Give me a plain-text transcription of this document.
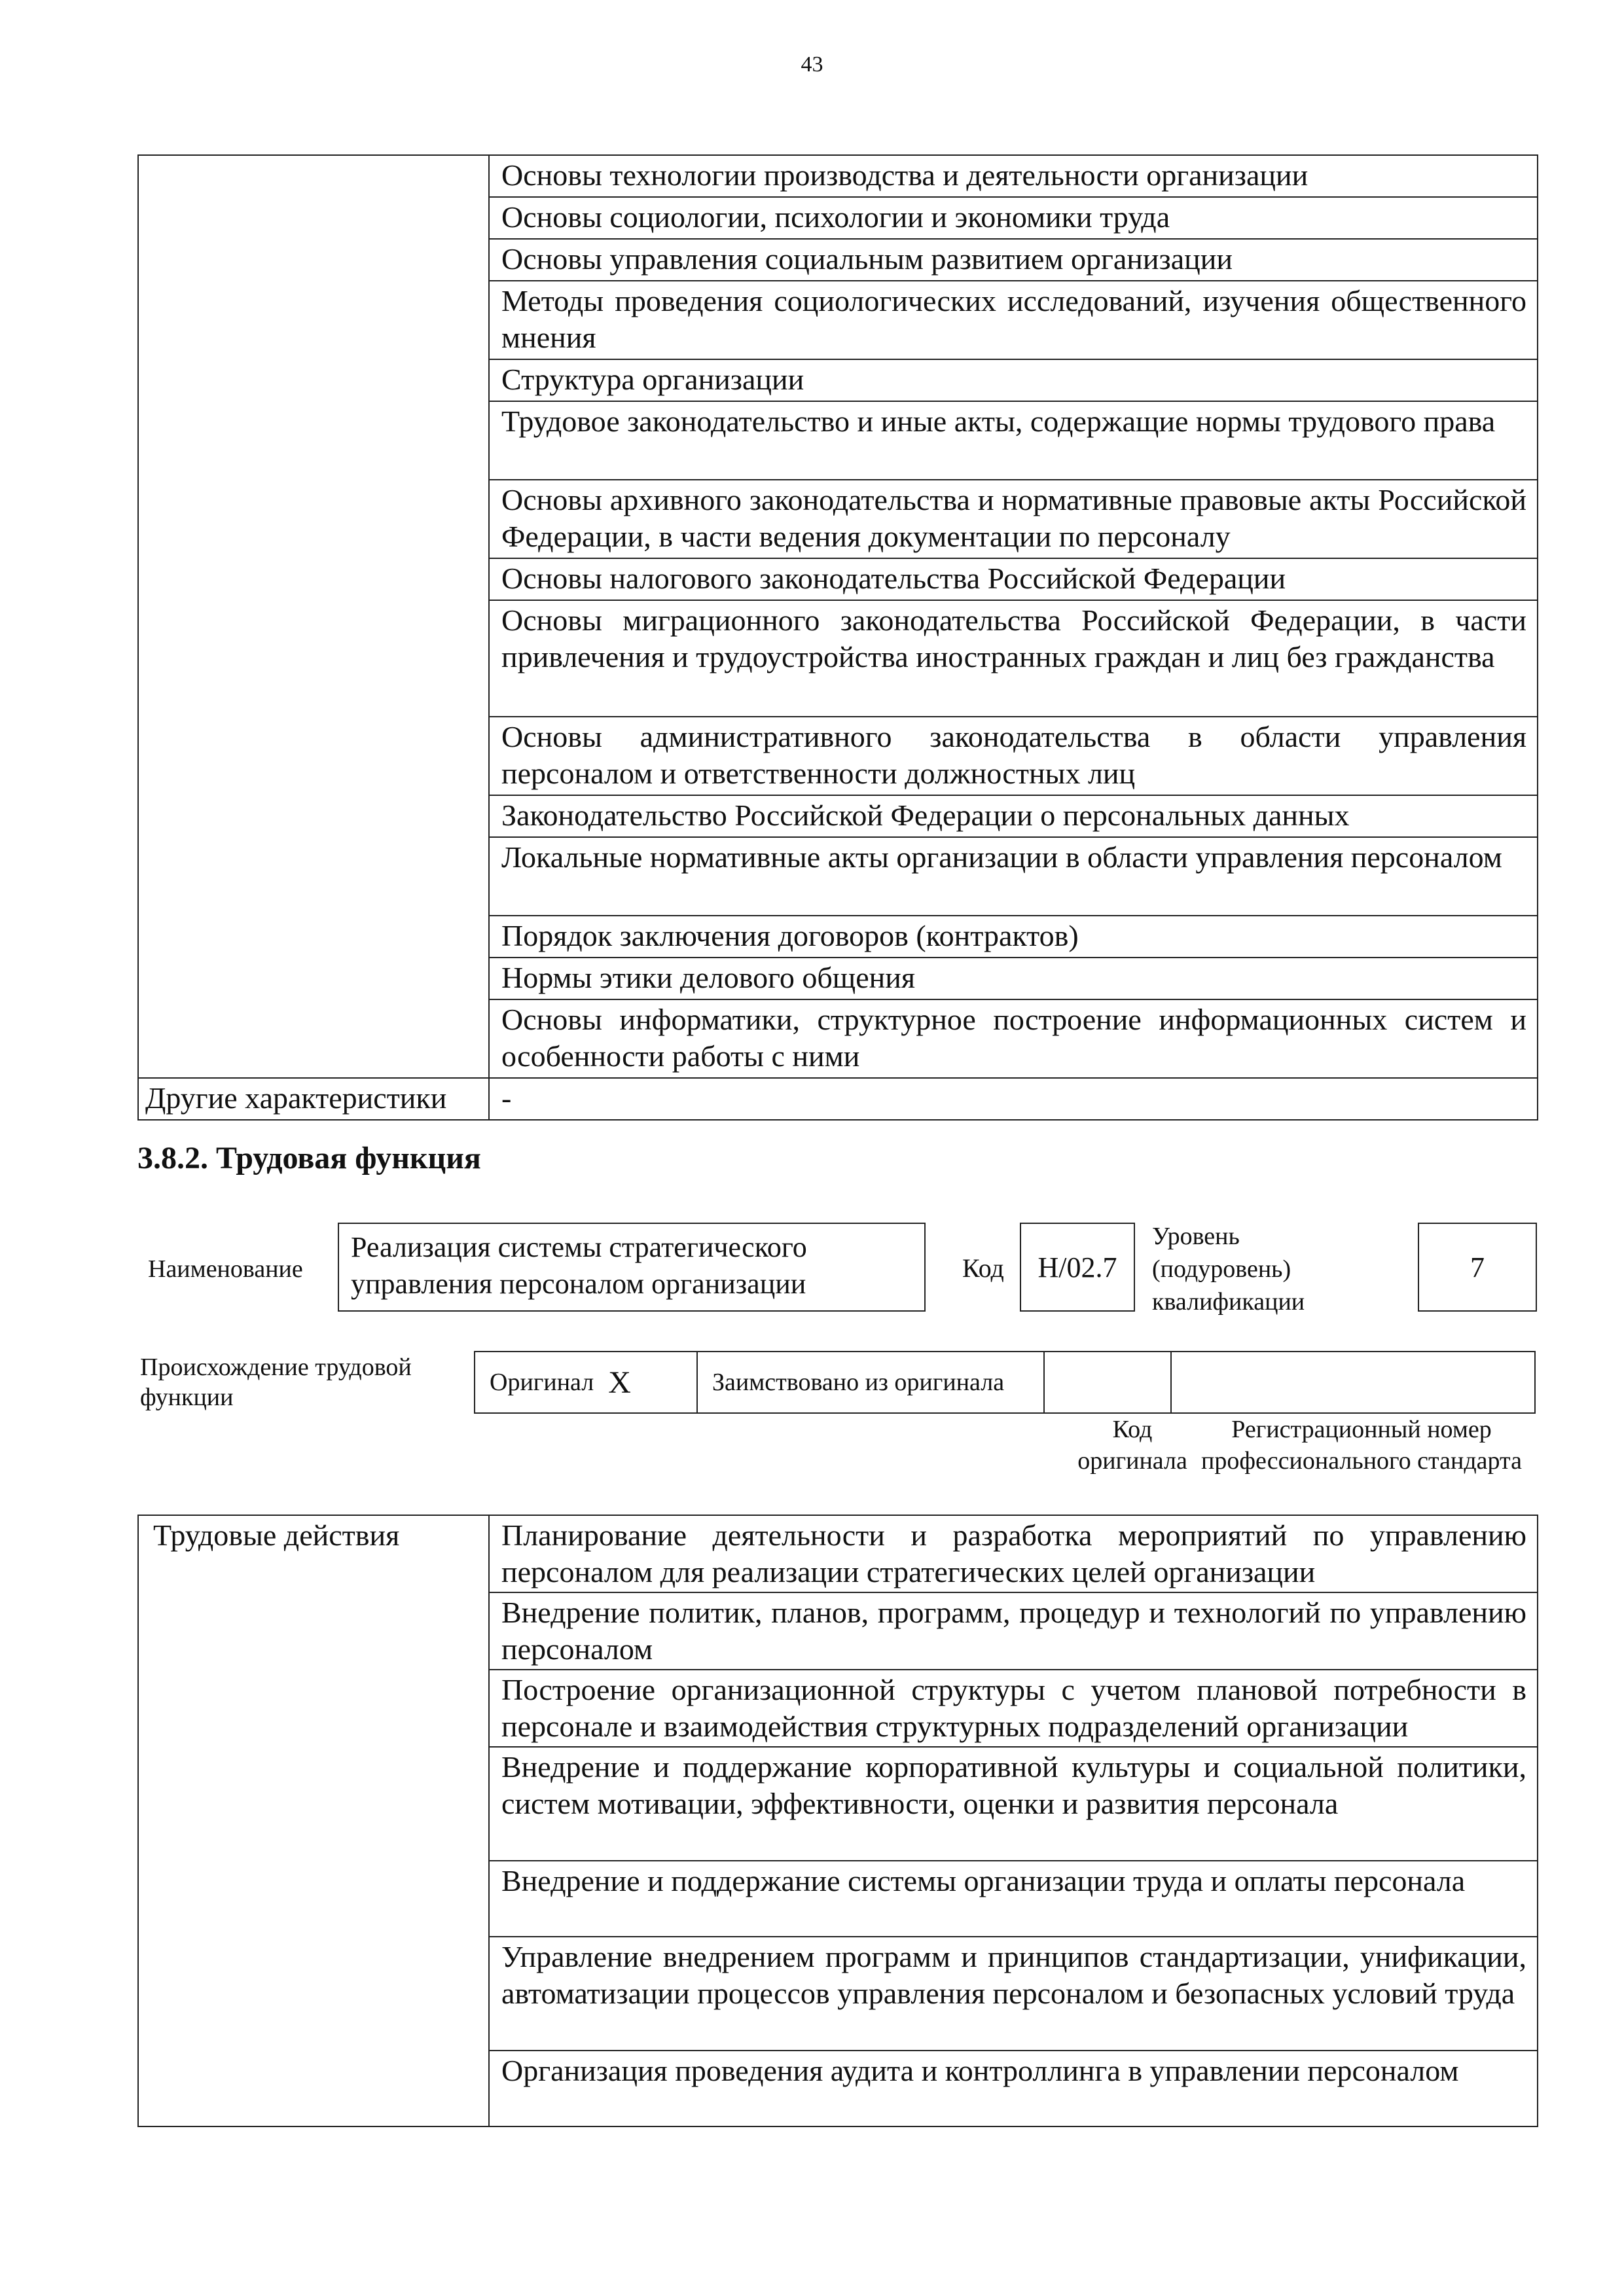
43
	Основы технологии производства и деятельности организации
	Основы социологии, психологии и экономики труда
	Основы управления социальным развитием организации
	Методы проведения социологических исследований, изучения общественного мнения
	Структура организации
	Трудовое законодательство и иные акты, содержащие нормы трудового права
	Основы архивного законодательства и нормативные правовые акты Российской Федерации, в части ведения документации по персоналу
	Основы налогового законодательства Российской Федерации
	Основы миграционного законодательства Российской Федерации, в части привлечения и трудоустройства иностранных граждан и лиц без гражданства
	Основы административного законодательства в области управления персоналом и ответственности должностных лиц
	Законодательство Российской Федерации о персональных данных
	Локальные нормативные акты организации в области управления персоналом
	Порядок заключения договоров (контрактов)
	Нормы этики делового общения
	Основы информатики, структурное построение информационных систем и особенности работы с ними
Другие характеристики	-
3.8.2. Трудовая функция
Наименование
Реализация системы стратегического управления персоналом организации	Код	H/02.7
Уровень
(подуровень)
квалификации
7
Происхождение трудовой
функции
Оригинал X	Заимствовано из оригинала
Код
оригинала
Регистрационный номер
профессионального стандарта
Трудовые действия	Планирование деятельности и разработка мероприятий по управлению персоналом для реализации стратегических целей организации
Внедрение политик, планов, программ, процедур и технологий по управлению персоналом
Построение организационной структуры с учетом плановой потребности в персонале и взаимодействия структурных подразделений организации
Внедрение и поддержание корпоративной культуры и социальной политики, систем мотивации, эффективности, оценки и развития персонала
Внедрение и поддержание системы организации труда и оплаты персонала
Управление внедрением программ и принципов стандартизации, унификации, автоматизации процессов управления персоналом и безопасных условий труда
Организация проведения аудита и контроллинга в управлении персоналом
